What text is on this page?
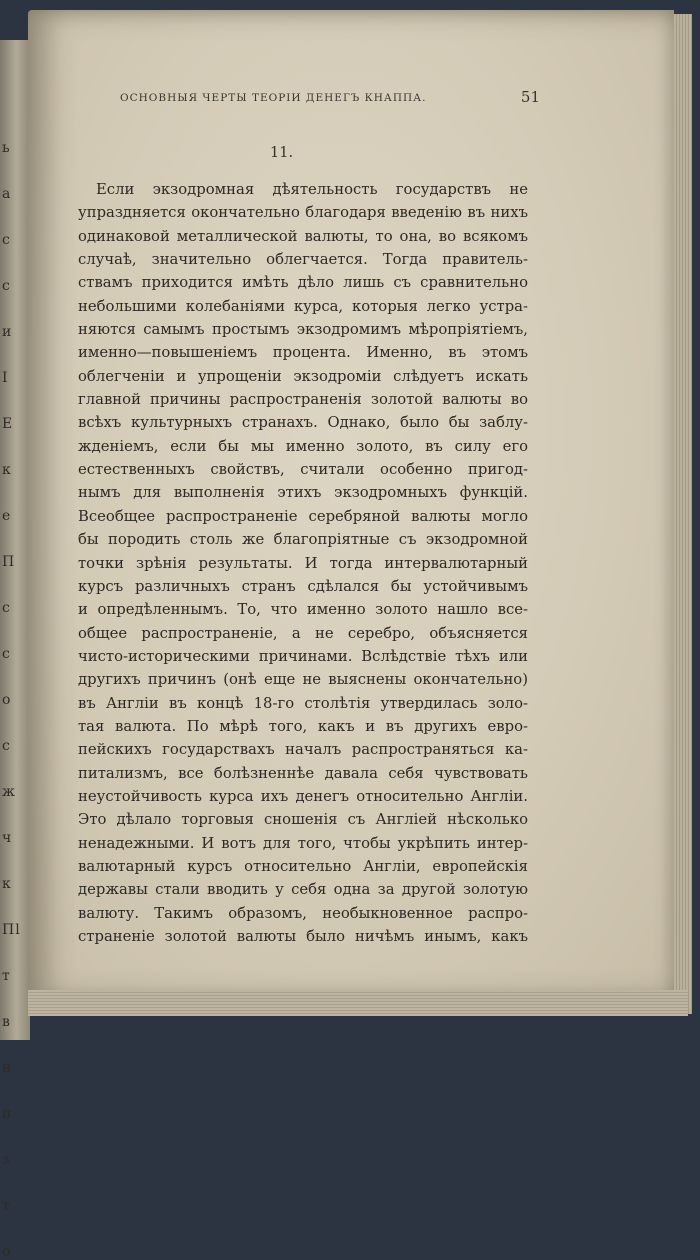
ь
а
с
с
и
І
Е
к
е
П
с
с
о
с
ж
ч
к
Пl
т
в
н
п
з
т
о
ОСНОВНЫЯ ЧЕРТЫ ТЕОРІИ ДЕНЕГЪ КНАППА.	51
11.
Если экзодромная дѣятельность государствъ не
упраздняется окончательно благодаря введенію въ нихъ
одинаковой металлической валюты, то она, во всякомъ
случаѣ, значительно облегчается. Тогда правитель-
ствамъ приходится имѣть дѣло лишь съ сравнительно
небольшими колебаніями курса, которыя легко устра-
няются самымъ простымъ экзодромимъ мѣропріятіемъ,
именно—повышеніемъ процента. Именно, въ этомъ
облегченіи и упрощеніи экзодроміи слѣдуетъ искать
главной причины распространенія золотой валюты во
всѣхъ культурныхъ странахъ. Однако, было бы заблу-
жденіемъ, если бы мы именно золото, въ силу его
естественныхъ свойствъ, считали особенно пригод-
нымъ для выполненія этихъ экзодромныхъ функцій.
Всеобщее распространеніе серебряной валюты могло
бы породить столь же благопріятные съ экзодромной
точки зрѣнія результаты. И тогда интервалютарный
курсъ различныхъ странъ сдѣлался бы устойчивымъ
и опредѣленнымъ. То, что именно золото нашло все-
общее распространеніе, а не серебро, объясняется
чисто-историческими причинами. Вслѣдствіе тѣхъ или
другихъ причинъ (онѣ еще не выяснены окончательно)
въ Англіи въ концѣ 18-го столѣтія утвердилась золо-
тая валюта. По мѣрѣ того, какъ и въ другихъ евро-
пейскихъ государствахъ началъ распространяться ка-
питализмъ, все болѣзненнѣе давала себя чувствовать
неустойчивость курса ихъ денегъ относительно Англіи.
Это дѣлало торговыя сношенія съ Англіей нѣсколько
ненадежными. И вотъ для того, чтобы укрѣпить интер-
валютарный курсъ относительно Англіи, европейскія
державы стали вводить у себя одна за другой золотую
валюту. Такимъ образомъ, необыкновенное распро-
страненіе золотой валюты было ничѣмъ инымъ, какъ
